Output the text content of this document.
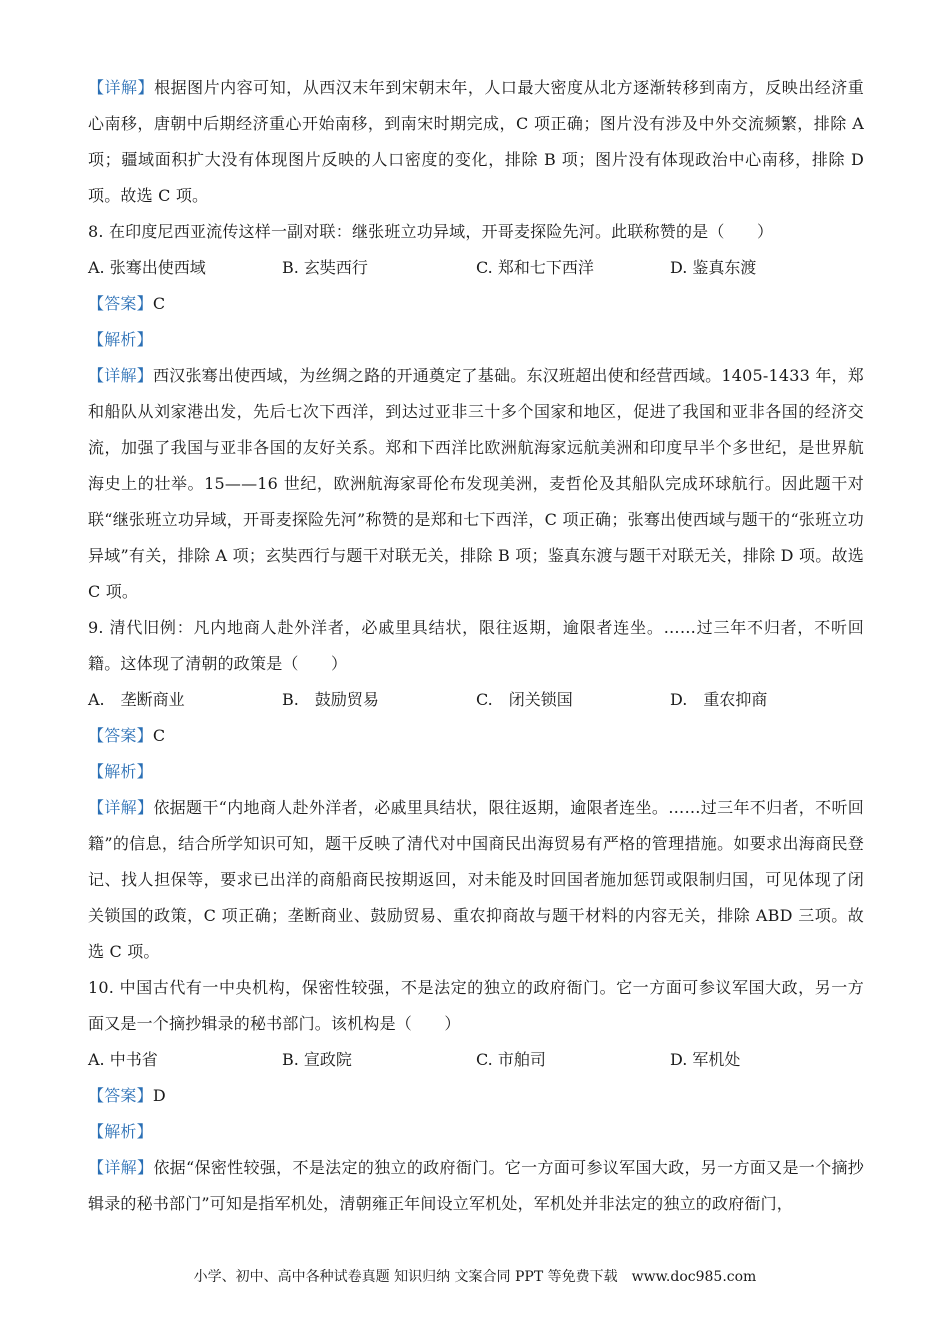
【详解】根据图片内容可知，从西汉末年到宋朝末年，人口最大密度从北方逐渐转移到南方，反映出经济重心南移，唐朝中后期经济重心开始南移，到南宋时期完成，C 项正确；图片没有涉及中外交流频繁，排除 A 项；疆域面积扩大没有体现图片反映的人口密度的变化，排除 B 项；图片没有体现政治中心南移，排除 D 项。故选 C 项。

8. 在印度尼西亚流传这样一副对联：继张班立功异域，开哥麦探险先河。此联称赞的是（　　）

A. 张骞出使西域	B. 玄奘西行	C. 郑和七下西洋	D. 鉴真东渡

【答案】C

【解析】

【详解】西汉张骞出使西域，为丝绸之路的开通奠定了基础。东汉班超出使和经营西域。1405-1433 年，郑和船队从刘家港出发，先后七次下西洋，到达过亚非三十多个国家和地区，促进了我国和亚非各国的经济交流，加强了我国与亚非各国的友好关系。郑和下西洋比欧洲航海家远航美洲和印度早半个多世纪，是世界航海史上的壮举。15——16 世纪，欧洲航海家哥伦布发现美洲，麦哲伦及其船队完成环球航行。因此题干对联“继张班立功异域，开哥麦探险先河”称赞的是郑和七下西洋，C 项正确；张骞出使西域与题干的“张班立功异域”有关，排除 A 项；玄奘西行与题干对联无关，排除 B 项；鉴真东渡与题干对联无关，排除 D 项。故选 C 项。

9. 清代旧例：凡内地商人赴外洋者，必戚里具结状，限往返期，逾限者连坐。……过三年不归者，不听回籍。这体现了清朝的政策是（　　）

A.　垄断商业	B.　鼓励贸易	C.　闭关锁国	D.　重农抑商

【答案】C

【解析】

【详解】依据题干“内地商人赴外洋者，必戚里具结状，限往返期，逾限者连坐。……过三年不归者，不听回籍”的信息，结合所学知识可知，题干反映了清代对中国商民出海贸易有严格的管理措施。如要求出海商民登记、找人担保等，要求已出洋的商船商民按期返回，对未能及时回国者施加惩罚或限制归国，可见体现了闭关锁国的政策，C 项正确；垄断商业、鼓励贸易、重农抑商故与题干材料的内容无关，排除 ABD 三项。故选 C 项。

10. 中国古代有一中央机构，保密性较强，不是法定的独立的政府衙门。它一方面可参议军国大政，另一方面又是一个摘抄辑录的秘书部门。该机构是（　　）

A. 中书省	B. 宣政院	C. 市舶司	D. 军机处

【答案】D

【解析】

【详解】依据“保密性较强，不是法定的独立的政府衙门。它一方面可参议军国大政，另一方面又是一个摘抄辑录的秘书部门”可知是指军机处，清朝雍正年间设立军机处，军机处并非法定的独立的政府衙门，

小学、初中、高中各种试卷真题 知识归纳 文案合同 PPT 等免费下载　www.doc985.com
